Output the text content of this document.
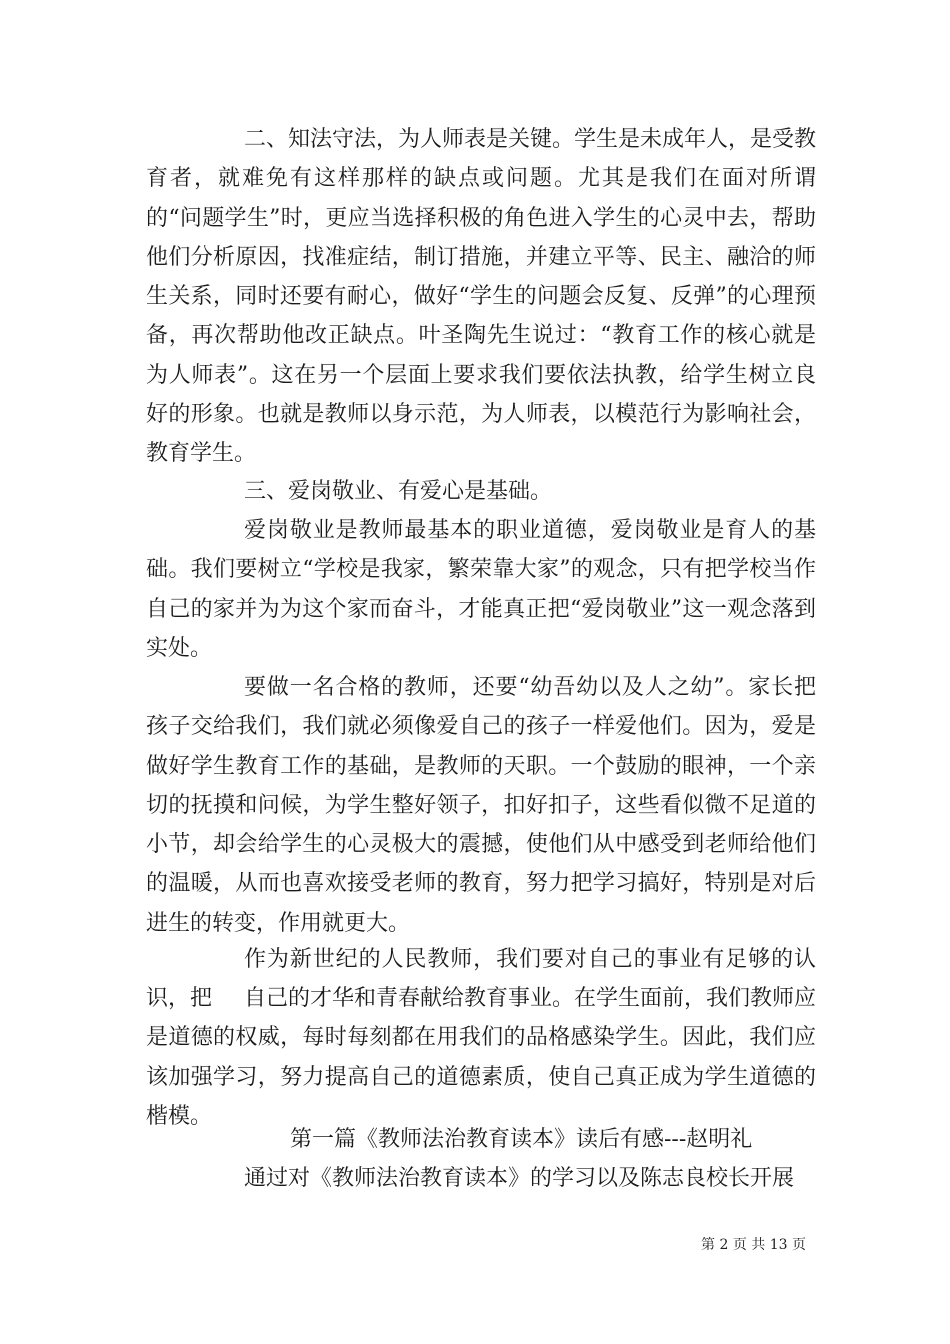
二、知法守法，为人师表是关键。学生是未成年人，是受教育者，就难免有这样那样的缺点或问题。尤其是我们在面对所谓的“问题学生”时，更应当选择积极的角色进入学生的心灵中去，帮助他们分析原因，找准症结，制订措施，并建立平等、民主、融洽的师生关系，同时还要有耐心，做好“学生的问题会反复、反弹”的心理预备，再次帮助他改正缺点。叶圣陶先生说过：“教育工作的核心就是为人师表”。这在另一个层面上要求我们要依法执教，给学生树立良好的形象。也就是教师以身示范，为人师表，以模范行为影响社会，教育学生。

三、爱岗敬业、有爱心是基础。

爱岗敬业是教师最基本的职业道德，爱岗敬业是育人的基础。我们要树立“学校是我家，繁荣靠大家”的观念，只有把学校当作自己的家并为为这个家而奋斗，才能真正把“爱岗敬业”这一观念落到实处。

要做一名合格的教师，还要“幼吾幼以及人之幼”。家长把孩子交给我们，我们就必须像爱自己的孩子一样爱他们。因为，爱是做好学生教育工作的基础，是教师的天职。一个鼓励的眼神，一个亲切的抚摸和问候，为学生整好领子，扣好扣子，这些看似微不足道的小节，却会给学生的心灵极大的震撼，使他们从中感受到老师给他们的温暖，从而也喜欢接受老师的教育，努力把学习搞好，特别是对后进生的转变，作用就更大。

作为新世纪的人民教师，我们要对自己的事业有足够的认识，把	自己的才华和青春献给教育事业。在学生面前，我们教师应是道德的权威，每时每刻都在用我们的品格感染学生。因此，我们应该加强学习，努力提高自己的道德素质，使自己真正成为学生道德的楷模。

第一篇《教师法治教育读本》读后有感---赵明礼

通过对《教师法治教育读本》的学习以及陈志良校长开展

第 2 页 共 13 页
